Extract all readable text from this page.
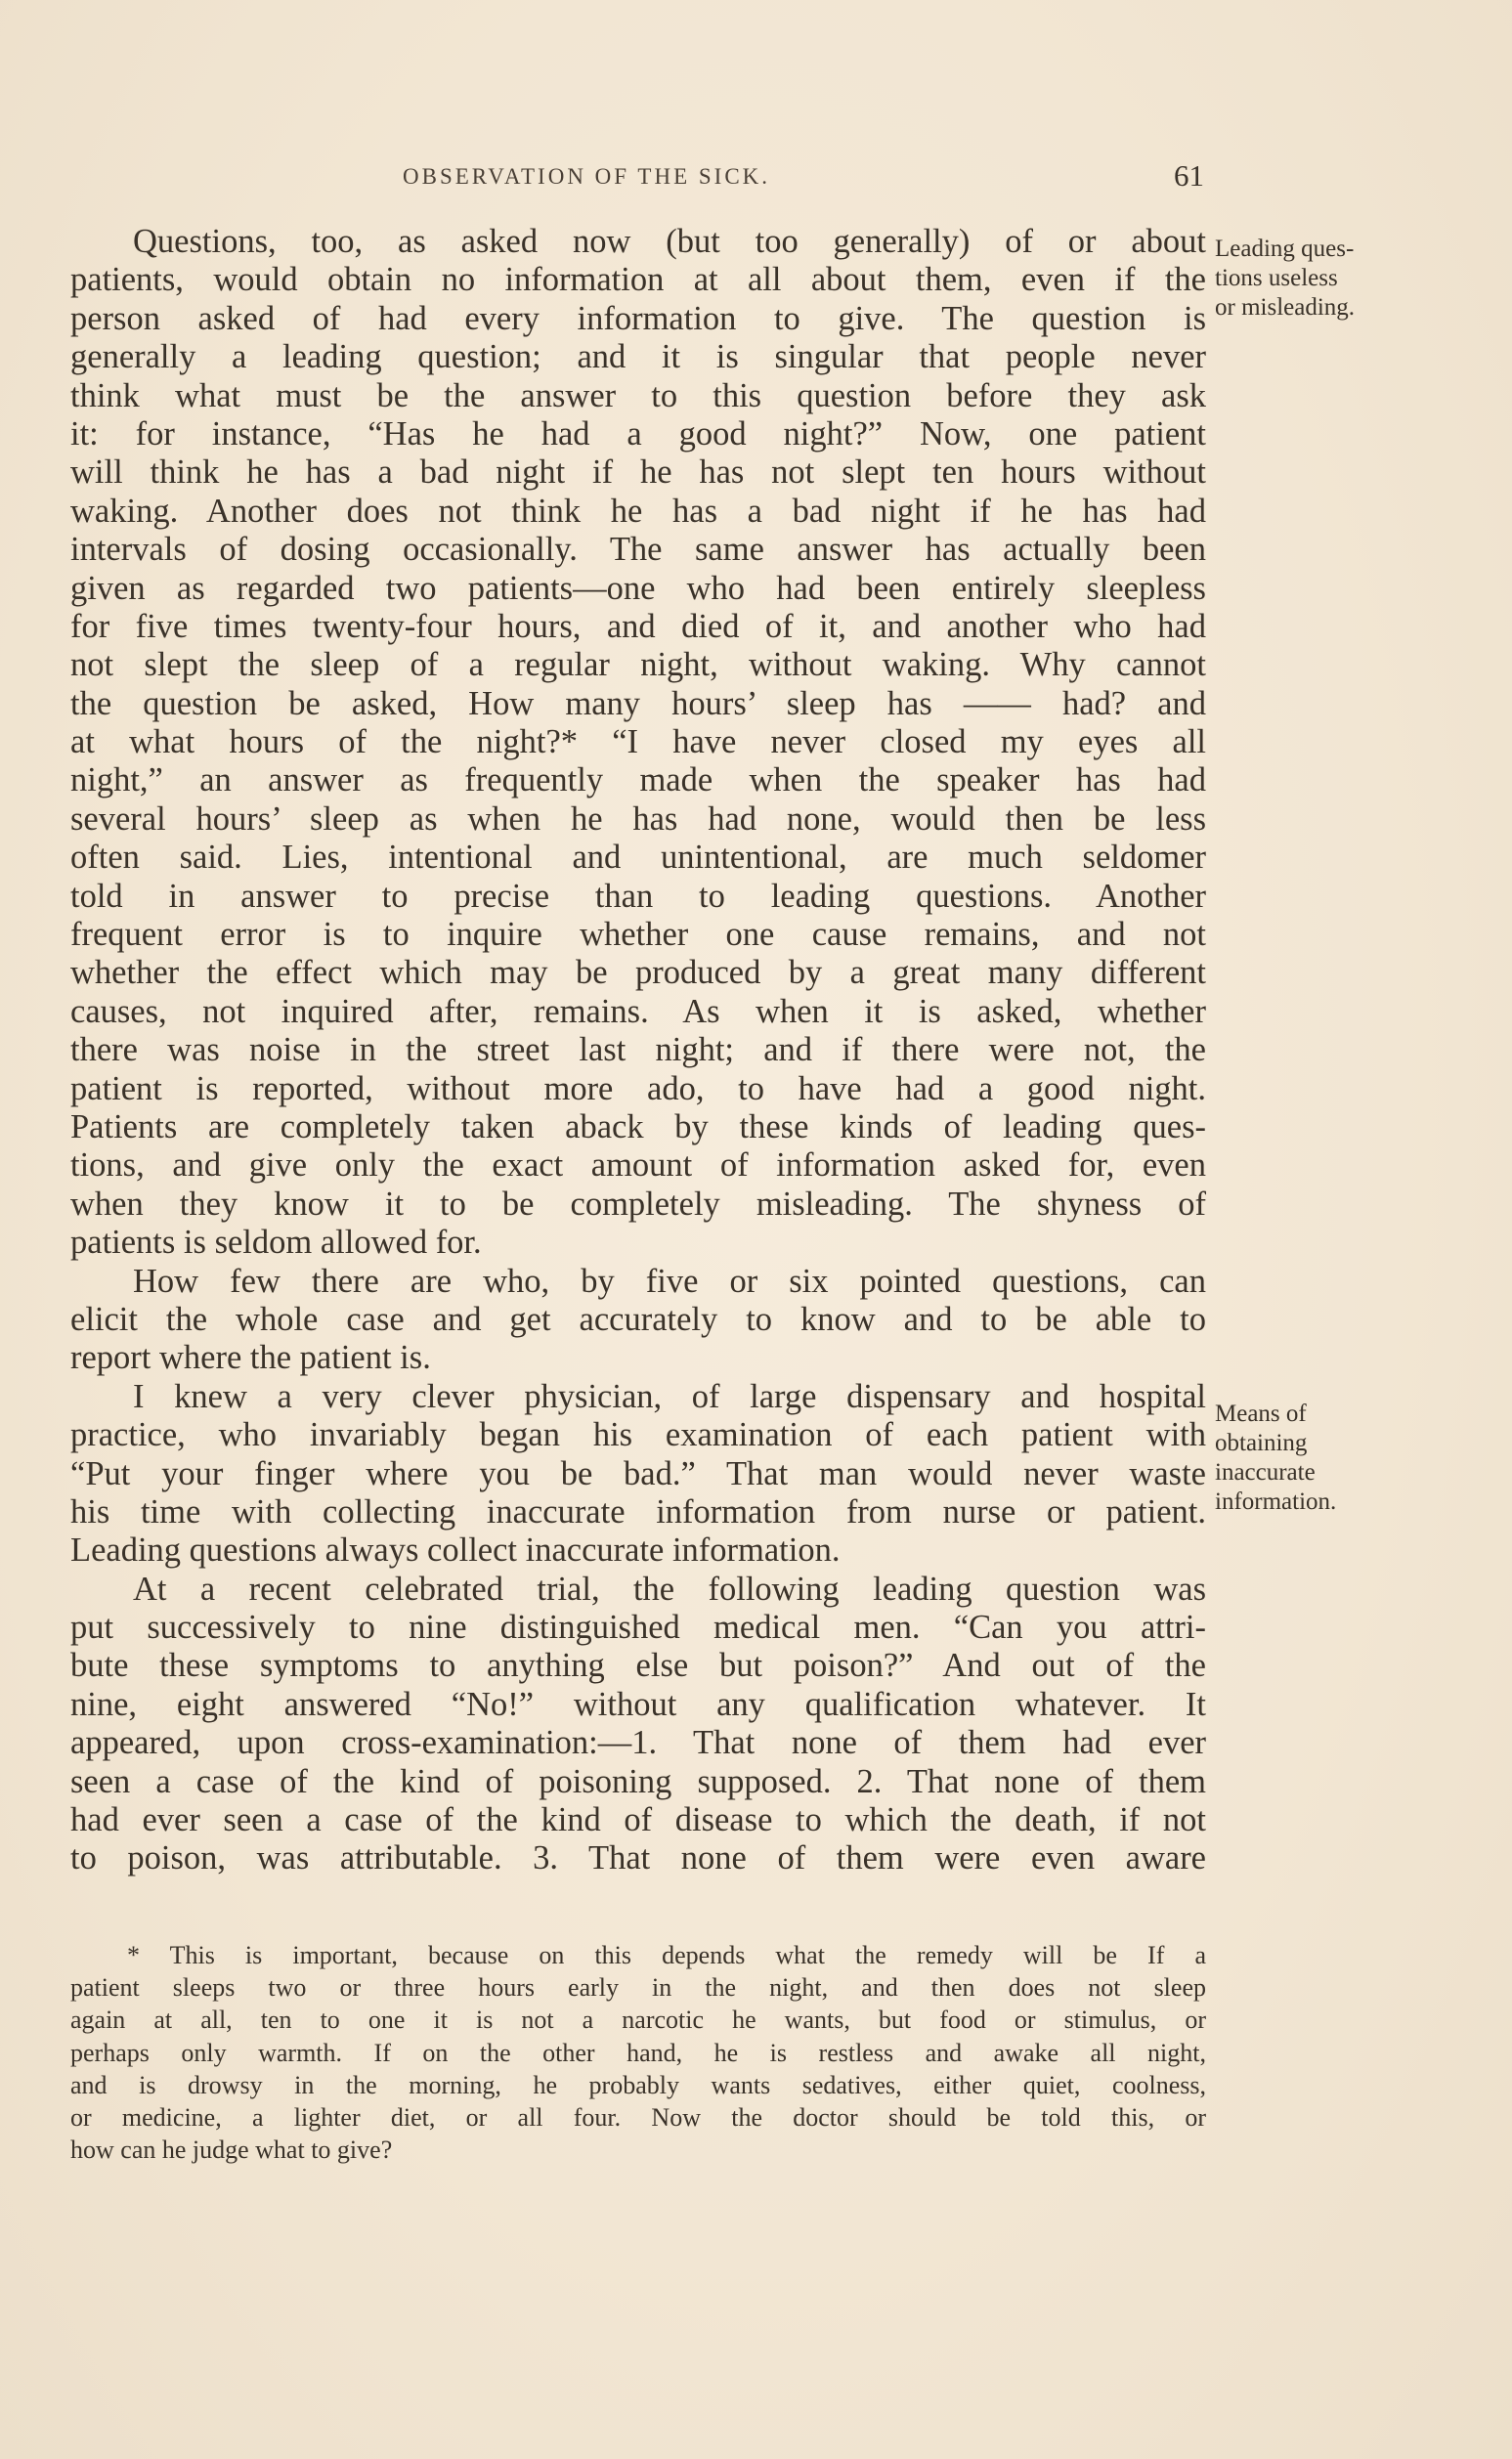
OBSERVATION OF THE SICK.	61
Questions, too, as asked now (but too generally) of or about
patients, would obtain no information at all about them, even if the
person asked of had every information to give. The question is
generally a leading question; and it is singular that people never
think what must be the answer to this question before they ask
it: for instance, “Has he had a good night?” Now, one patient
will think he has a bad night if he has not slept ten hours without
waking. Another does not think he has a bad night if he has had
intervals of dosing occasionally. The same answer has actually been
given as regarded two patients—one who had been entirely sleepless
for five times twenty-four hours, and died of it, and another who had
not slept the sleep of a regular night, without waking. Why cannot
the question be asked, How many hours’ sleep has —— had? and
at what hours of the night?* “I have never closed my eyes all
night,” an answer as frequently made when the speaker has had
several hours’ sleep as when he has had none, would then be less
often said. Lies, intentional and unintentional, are much seldomer
told in answer to precise than to leading questions. Another
frequent error is to inquire whether one cause remains, and not
whether the effect which may be produced by a great many different
causes, not inquired after, remains. As when it is asked, whether
there was noise in the street last night; and if there were not, the
patient is reported, without more ado, to have had a good night.
Patients are completely taken aback by these kinds of leading ques-
tions, and give only the exact amount of information asked for, even
when they know it to be completely misleading. The shyness of
patients is seldom allowed for.
How few there are who, by five or six pointed questions, can
elicit the whole case and get accurately to know and to be able to
report where the patient is.
I knew a very clever physician, of large dispensary and hospital
practice, who invariably began his examination of each patient with
“Put your finger where you be bad.” That man would never waste
his time with collecting inaccurate information from nurse or patient.
Leading questions always collect inaccurate information.
At a recent celebrated trial, the following leading question was
put successively to nine distinguished medical men. “Can you attri-
bute these symptoms to anything else but poison?” And out of the
nine, eight answered “No!” without any qualification whatever. It
appeared, upon cross-examination:—1. That none of them had ever
seen a case of the kind of poisoning supposed. 2. That none of them
had ever seen a case of the kind of disease to which the death, if not
to poison, was attributable. 3. That none of them were even aware
Leading ques-
tions useless
or misleading.
Means of
obtaining
inaccurate
information.
* This is important, because on this depends what the remedy will be If a
patient sleeps two or three hours early in the night, and then does not sleep
again at all, ten to one it is not a narcotic he wants, but food or stimulus, or
perhaps only warmth. If on the other hand, he is restless and awake all night,
and is drowsy in the morning, he probably wants sedatives, either quiet, coolness,
or medicine, a lighter diet, or all four. Now the doctor should be told this, or
how can he judge what to give?
